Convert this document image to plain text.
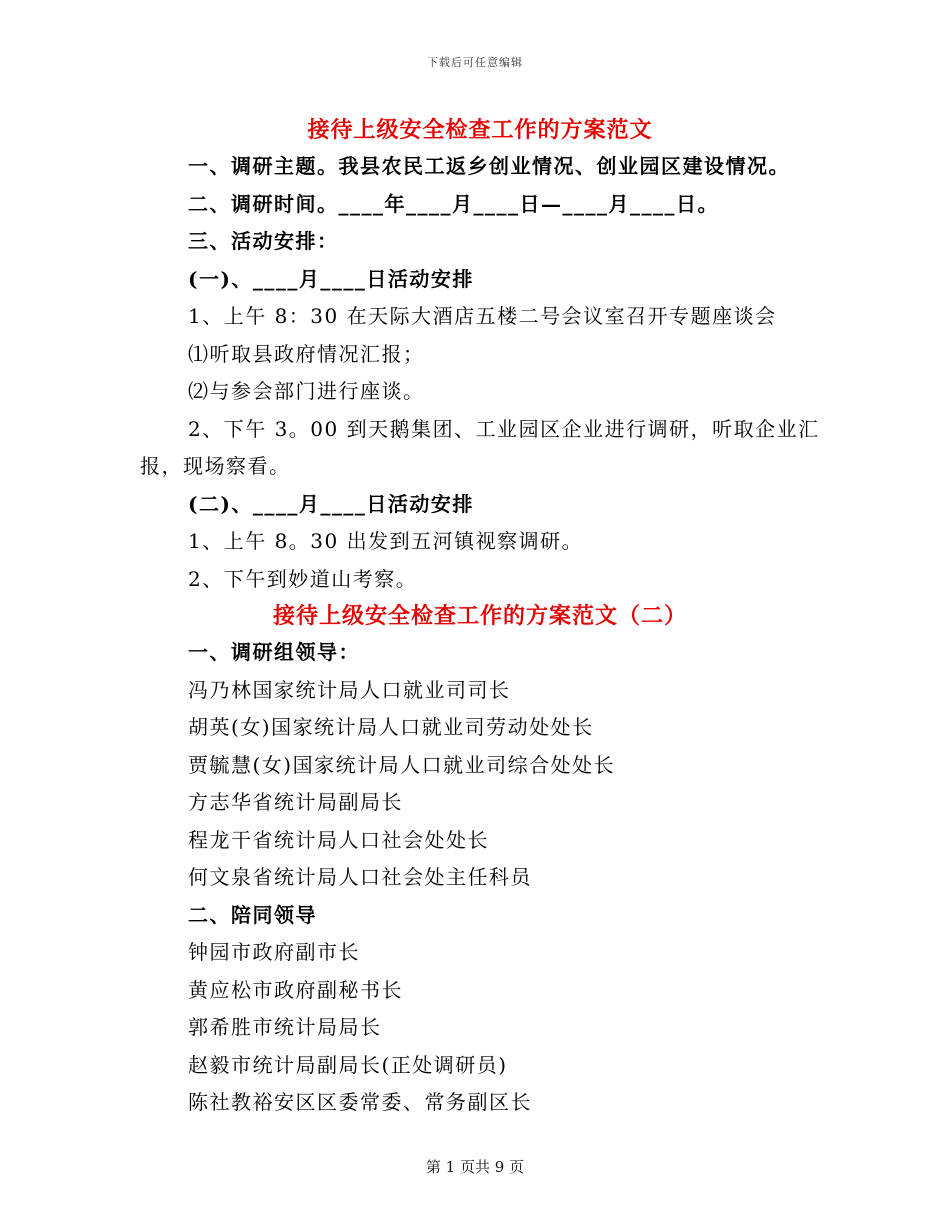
下载后可任意编辑
接待上级安全检查工作的方案范文
一、调研主题。我县农民工返乡创业情况、创业园区建设情况。
二、调研时间。____年____月____日—____月____日。
三、活动安排：
(一)、____月____日活动安排
1、上午 8：30 在天际大酒店五楼二号会议室召开专题座谈会
⑴听取县政府情况汇报；
⑵与参会部门进行座谈。
2、下午 3。00 到天鹅集团、工业园区企业进行调研，听取企业汇报，现场察看。
(二)、____月____日活动安排
1、上午 8。30 出发到五河镇视察调研。
2、下午到妙道山考察。
接待上级安全检查工作的方案范文（二）
一、调研组领导：
冯乃林国家统计局人口就业司司长
胡英(女)国家统计局人口就业司劳动处处长
贾毓慧(女)国家统计局人口就业司综合处处长
方志华省统计局副局长
程龙干省统计局人口社会处处长
何文泉省统计局人口社会处主任科员
二、陪同领导
钟园市政府副市长
黄应松市政府副秘书长
郭希胜市统计局局长
赵毅市统计局副局长(正处调研员)
陈社教裕安区区委常委、常务副区长
第 1 页共 9 页
